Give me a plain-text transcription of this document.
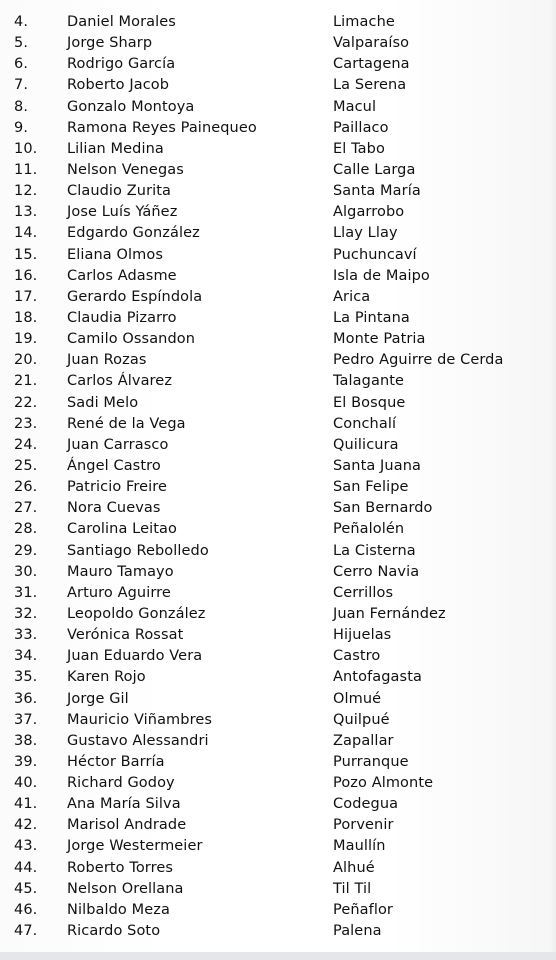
4.	Daniel Morales	Limache
5.	Jorge Sharp	Valparaíso
6.	Rodrigo García	Cartagena
7.	Roberto Jacob	La Serena
8.	Gonzalo Montoya	Macul
9.	Ramona Reyes Painequeo	Paillaco
10.	Lilian Medina	El Tabo
11.	Nelson Venegas	Calle Larga
12.	Claudio Zurita	Santa María
13.	Jose Luís Yáñez	Algarrobo
14.	Edgardo González	Llay Llay
15.	Eliana Olmos	Puchuncaví
16.	Carlos Adasme	Isla de Maipo
17.	Gerardo Espíndola	Arica
18.	Claudia Pizarro	La Pintana
19.	Camilo Ossandon	Monte Patria
20.	Juan Rozas	Pedro Aguirre de Cerda
21.	Carlos Álvarez	Talagante
22.	Sadi Melo	El Bosque
23.	René de la Vega	Conchalí
24.	Juan Carrasco	Quilicura
25.	Ángel Castro	Santa Juana
26.	Patricio Freire	San Felipe
27.	Nora Cuevas	San Bernardo
28.	Carolina Leitao	Peñalolén
29.	Santiago Rebolledo	La Cisterna
30.	Mauro Tamayo	Cerro Navia
31.	Arturo Aguirre	Cerrillos
32.	Leopoldo González	Juan Fernández
33.	Verónica Rossat	Hijuelas
34.	Juan Eduardo Vera	Castro
35.	Karen Rojo	Antofagasta
36.	Jorge Gil	Olmué
37.	Mauricio Viñambres	Quilpué
38.	Gustavo Alessandri	Zapallar
39.	Héctor Barría	Purranque
40.	Richard Godoy	Pozo Almonte
41.	Ana María Silva	Codegua
42.	Marisol Andrade	Porvenir
43.	Jorge Westermeier	Maullín
44.	Roberto Torres	Alhué
45.	Nelson Orellana	Til Til
46.	Nilbaldo Meza	Peñaflor
47.	Ricardo Soto	Palena
